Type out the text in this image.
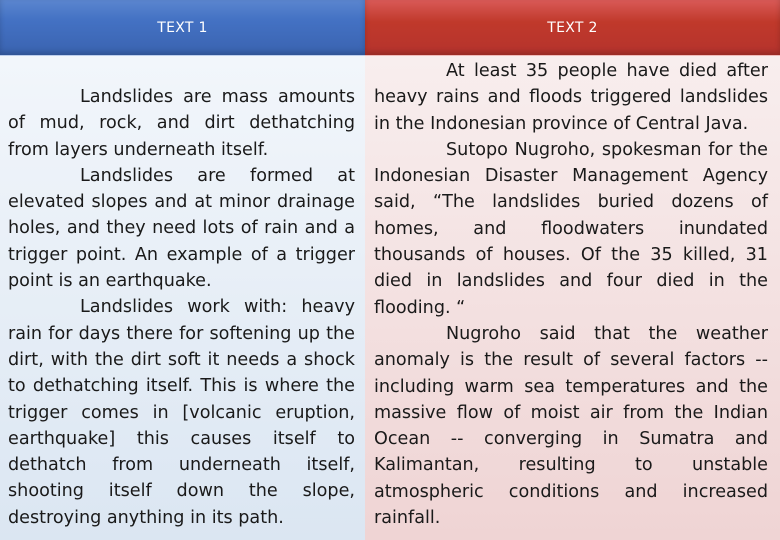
TEXT 1	TEXT 2

Landslides are mass amounts of mud, rock, and dirt dethatching from layers underneath itself.

Landslides are formed at elevated slopes and at minor drainage holes, and they need lots of rain and a trigger point. An example of a trigger point is an earthquake.

Landslides work with: heavy rain for days there for softening up the dirt, with the dirt soft it needs a shock to dethatching itself. This is where the trigger comes in [volcanic eruption, earthquake] this causes itself to dethatch from underneath itself, shooting itself down the slope, destroying anything in its path.

At least 35 people have died after heavy rains and floods triggered landslides in the Indonesian province of Central Java.

Sutopo Nugroho, spokesman for the Indonesian Disaster Management Agency said, “The landslides buried dozens of homes, and floodwaters inundated thousands of houses. Of the 35 killed, 31 died in landslides and four died in the flooding. “

Nugroho said that the weather anomaly is the result of several factors -- including warm sea temperatures and the massive flow of moist air from the Indian Ocean -- converging in Sumatra and Kalimantan, resulting to unstable atmospheric conditions and increased rainfall.
